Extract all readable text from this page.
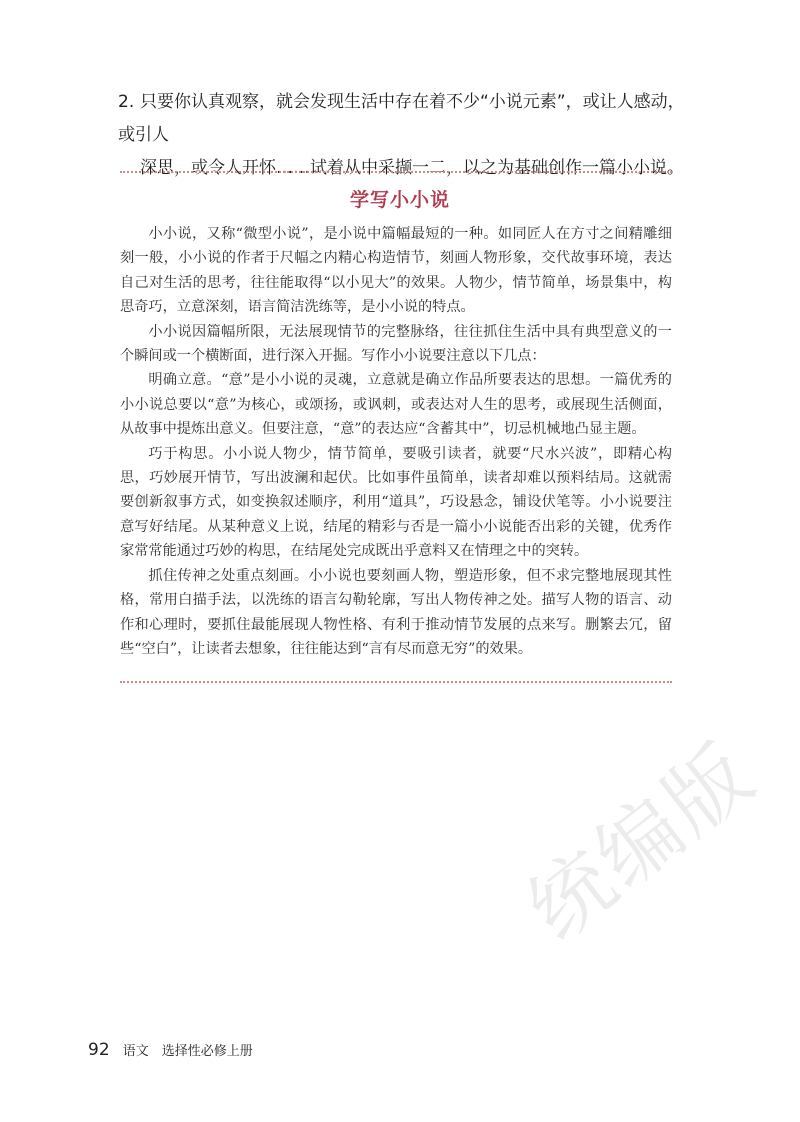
2. 只要你认真观察，就会发现生活中存在着不少“小说元素”，或让人感动，或引人
深思，或令人开怀……试着从中采撷一二，以之为基础创作一篇小小说。
学写小小说

小小说，又称“微型小说”，是小说中篇幅最短的一种。如同匠人在方寸之间精雕细刻一般，小小说的作者于尺幅之内精心构造情节，刻画人物形象，交代故事环境，表达自己对生活的思考，往往能取得“以小见大”的效果。人物少，情节简单，场景集中，构思奇巧，立意深刻，语言简洁洗练等，是小小说的特点。

小小说因篇幅所限，无法展现情节的完整脉络，往往抓住生活中具有典型意义的一个瞬间或一个横断面，进行深入开掘。写作小小说要注意以下几点：

明确立意。“意”是小小说的灵魂，立意就是确立作品所要表达的思想。一篇优秀的小小说总要以“意”为核心，或颂扬，或讽刺，或表达对人生的思考，或展现生活侧面，从故事中提炼出意义。但要注意，“意”的表达应“含蓄其中”，切忌机械地凸显主题。

巧于构思。小小说人物少，情节简单，要吸引读者，就要“尺水兴波”，即精心构思，巧妙展开情节，写出波澜和起伏。比如事件虽简单，读者却难以预料结局。这就需要创新叙事方式，如变换叙述顺序，利用“道具”，巧设悬念，铺设伏笔等。小小说要注意写好结尾。从某种意义上说，结尾的精彩与否是一篇小小说能否出彩的关键，优秀作家常常能通过巧妙的构思，在结尾处完成既出乎意料又在情理之中的突转。

抓住传神之处重点刻画。小小说也要刻画人物，塑造形象，但不求完整地展现其性格，常用白描手法，以洗练的语言勾勒轮廓，写出人物传神之处。描写人物的语言、动作和心理时，要抓住最能展现人物性格、有利于推动情节发展的点来写。删繁去冗，留些“空白”，让读者去想象，往往能达到“言有尽而意无穷”的效果。

统编版
92 语文　选择性必修上册
